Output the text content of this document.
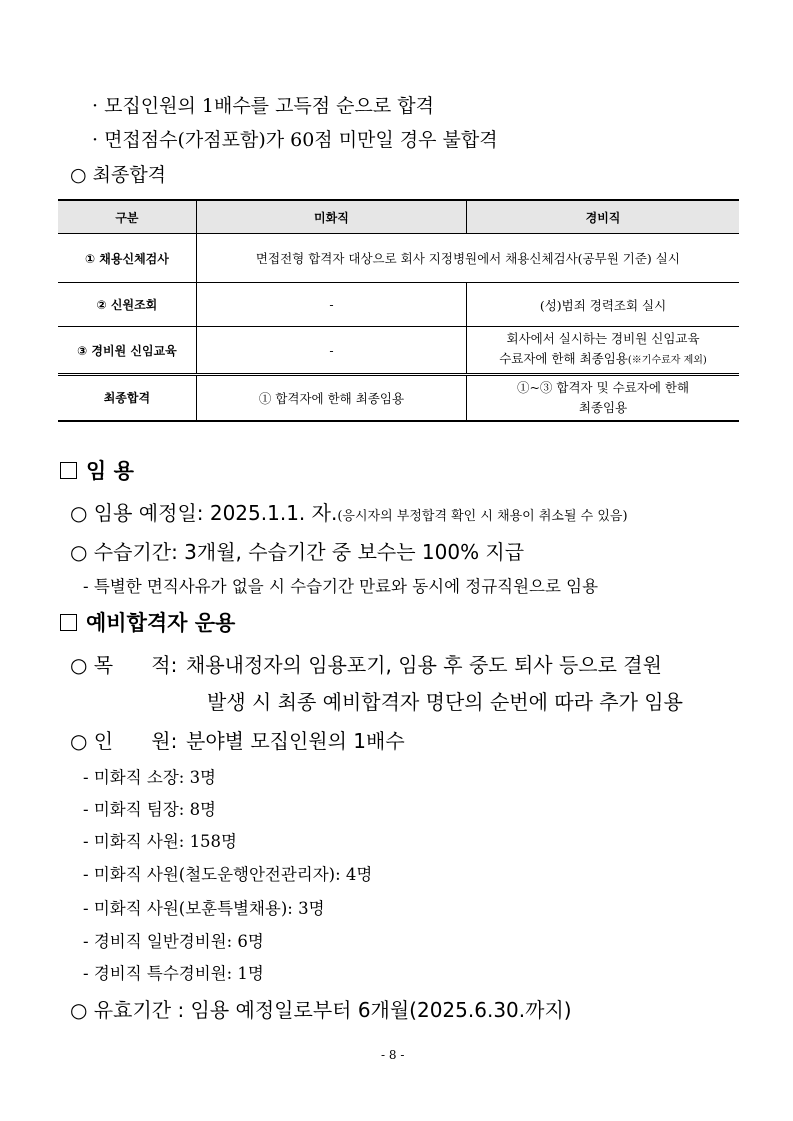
· 모집인원의 1배수를 고득점 순으로 합격
· 면접점수(가점포함)가 60점 미만일 경우 불합격
○ 최종합격
구분	미화직	경비직
① 채용신체검사	면접전형 합격자 대상으로 회사 지정병원에서 채용신체검사(공무원 기준) 실시	
② 신원조회	-	(성)범죄 경력조회 실시
③ 경비원 신임교육	-	회사에서 실시하는 경비원 신임교육
수료자에 한해 최종임용(※기수료자 제외)

최종합격	① 합격자에 한해 최종임용	①~③ 합격자 및 수료자에 한해
최종임용
임 용
○ 임용 예정일: 2025.1.1. 자.(응시자의 부정합격 확인 시 채용이 취소될 수 있음)
○ 수습기간: 3개월, 수습기간 중 보수는 100% 지급
- 특별한 면직사유가 없을 시 수습기간 만료와 동시에 정규직원으로 임용
예비합격자 운용
○ 목      적: 채용내정자의 임용포기, 임용 후 중도 퇴사 등으로 결원
발생 시 최종 예비합격자 명단의 순번에 따라 추가 임용
○ 인      원: 분야별 모집인원의 1배수
- 미화직 소장: 3명
- 미화직 팀장: 8명
- 미화직 사원: 158명
- 미화직 사원(철도운행안전관리자): 4명
- 미화직 사원(보훈특별채용): 3명
- 경비직 일반경비원: 6명
- 경비직 특수경비원: 1명
○ 유효기간 : 임용 예정일로부터 6개월(2025.6.30.까지)
- 8 -
